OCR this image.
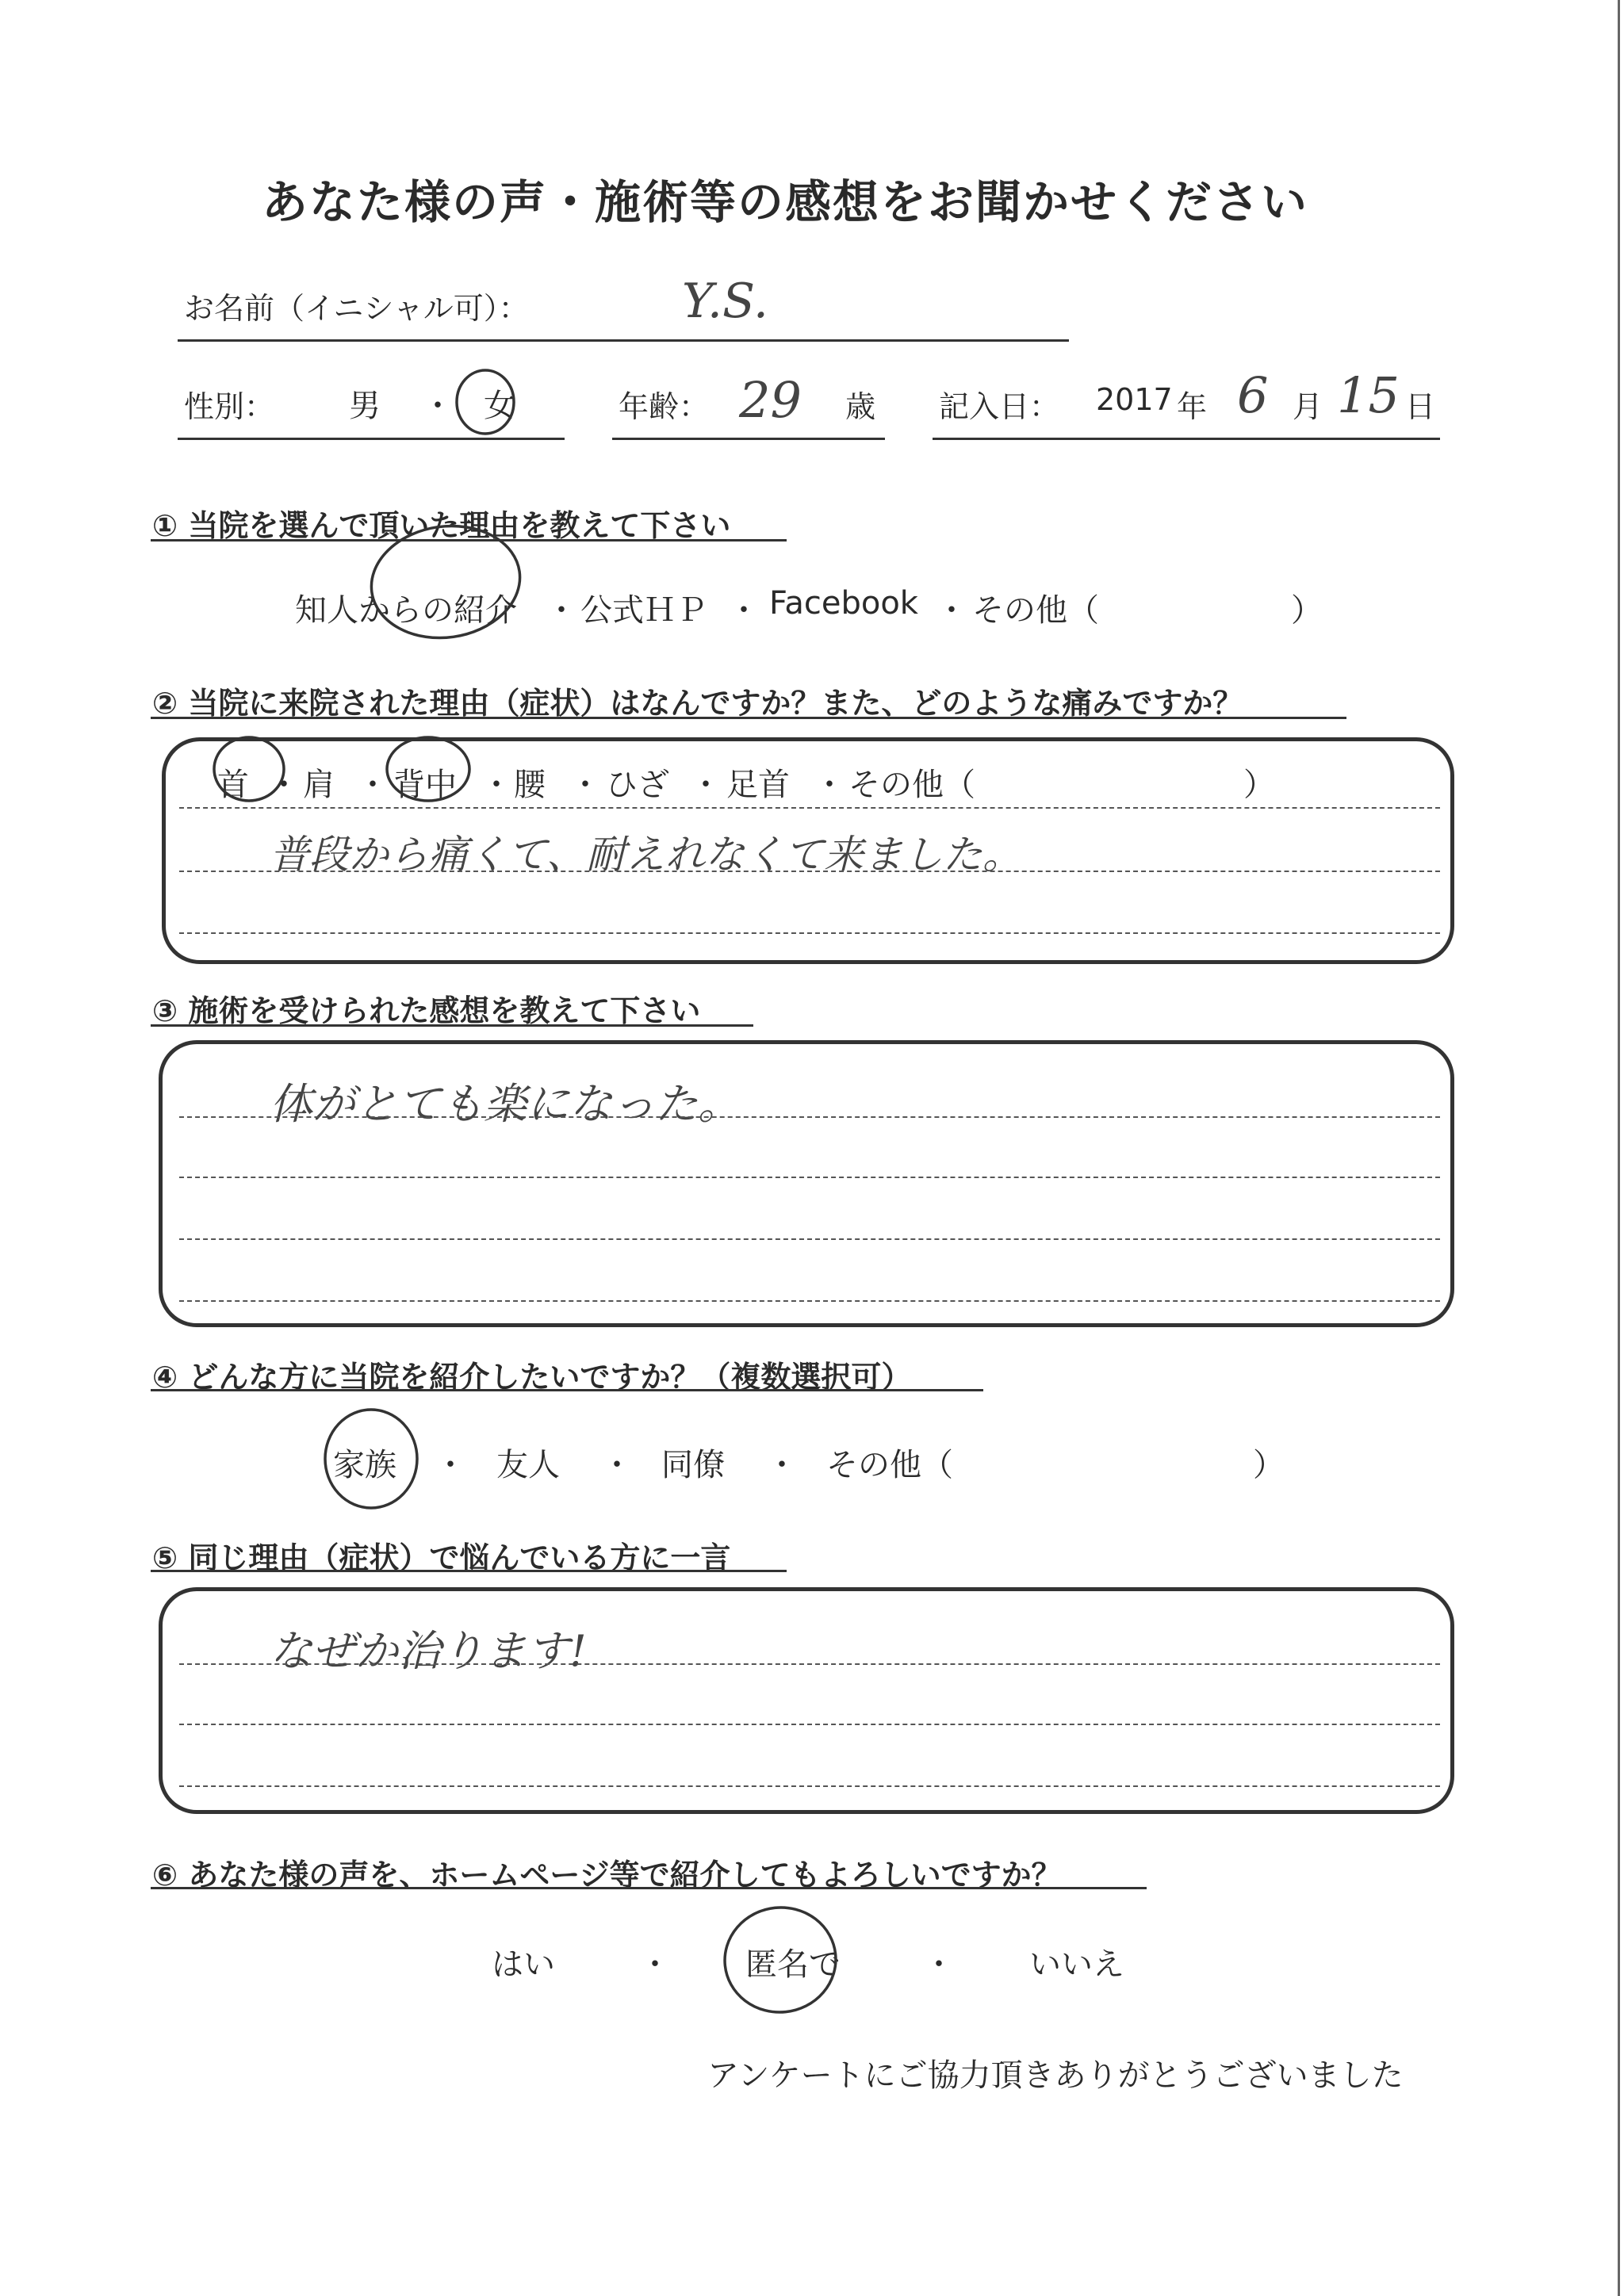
あなた様の声・施術等の感想をお聞かせください
お名前（イニシャル可）：	Y.S.
性別： 男 ・ 女	年齢： 29 歳 記入日： 2017 年 6 月 15 日
① 当院を選んで頂いた理由を教えて下さい
知人からの紹介 ・ 公式ＨＰ ・ Facebook ・ その他（	）
② 当院に来院された理由（症状）はなんですか？また、どのような痛みですか？
首 ・ 肩 ・ 背中 ・ 腰 ・ ひざ ・ 足首 ・ その他（	）
普段から痛くて、耐えれなくて来ました。
③ 施術を受けられた感想を教えて下さい
体がとても楽になった。
④ どんな方に当院を紹介したいですか？（複数選択可）
家族 ・ 友人 ・ 同僚 ・ その他（	）
⑤ 同じ理由（症状）で悩んでいる方に一言
なぜか治ります!
⑥ あなた様の声を、ホームページ等で紹介してもよろしいですか？
はい	・ 匿名で	・ いいえ
アンケートにご協力頂きありがとうございました
